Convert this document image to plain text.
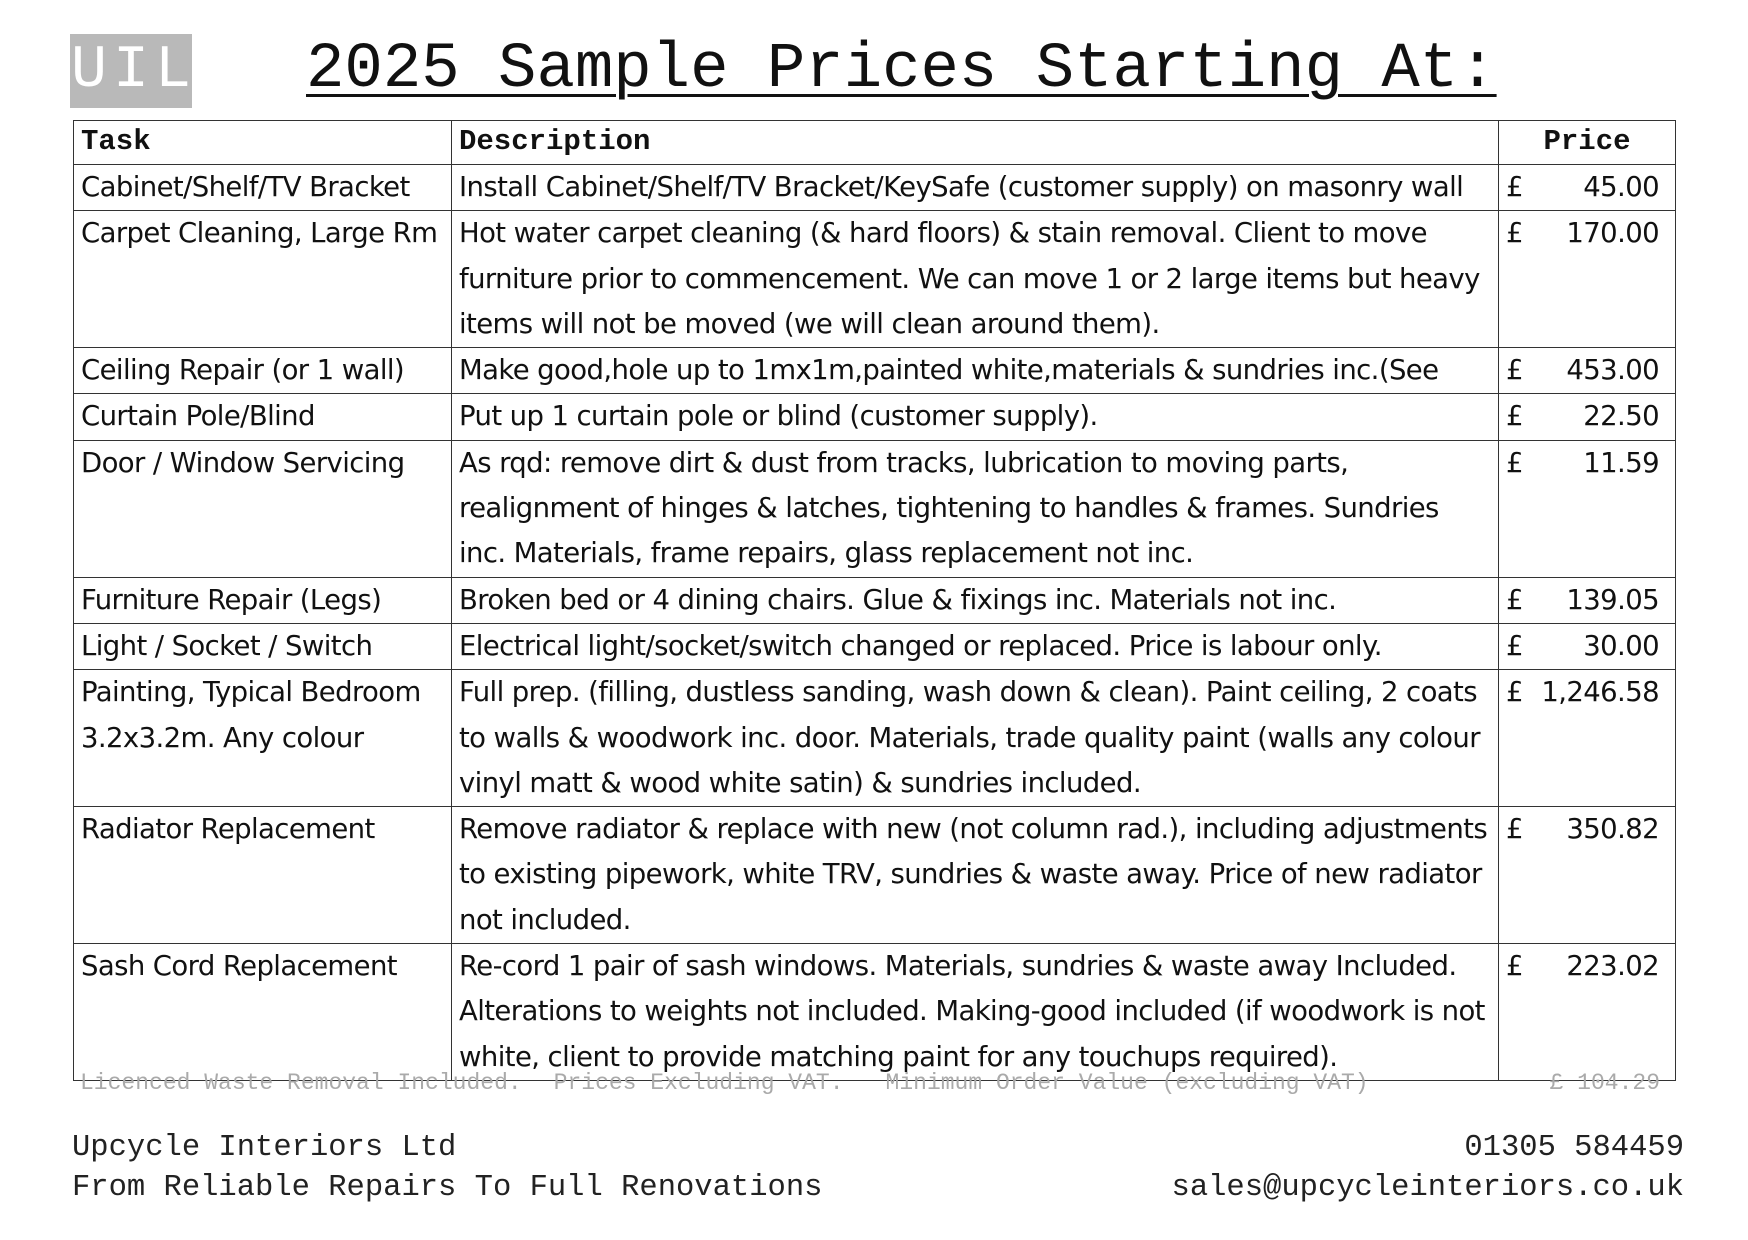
U I L 2025 Sample Prices Starting At:
Task	Description	Price
Cabinet/Shelf/TV Bracket	Install Cabinet/Shelf/TV Bracket/KeySafe (customer supply) on masonry wall	£ 45.00

Carpet Cleaning, Large Rm	Hot water carpet cleaning (& hard floors) & stain removal. Client to move furniture prior to commencement. We can move 1 or 2 large items but heavy items will not be moved (we will clean around them).	£ 170.00

Ceiling Repair (or 1 wall)	Make good,hole up to 1mx1m,painted white,materials & sundries inc.(See	£ 453.00

Curtain Pole/Blind	Put up 1 curtain pole or blind (customer supply).	£ 22.50

Door / Window Servicing	As rqd: remove dirt & dust from tracks, lubrication to moving parts, realignment of hinges & latches, tightening to handles & frames. Sundries inc. Materials, frame repairs, glass replacement not inc.	£ 11.59

Furniture Repair (Legs)	Broken bed or 4 dining chairs. Glue & fixings inc. Materials not inc.	£ 139.05

Light / Socket / Switch	Electrical light/socket/switch changed or replaced. Price is labour only.	£ 30.00

Painting, Typical Bedroom 3.2x3.2m. Any colour	Full prep. (filling, dustless sanding, wash down & clean). Paint ceiling, 2 coats to walls & woodwork inc. door. Materials, trade quality paint (walls any colour vinyl matt & wood white satin) & sundries included.	£ 1,246.58

Radiator Replacement	Remove radiator & replace with new (not column rad.), including adjustments to existing pipework, white TRV, sundries & waste away. Price of new radiator not included.	£ 350.82

Sash Cord Replacement	Re-cord 1 pair of sash windows. Materials, sundries & waste away Included. Alterations to weights not included. Making-good included (if woodwork is not white, client to provide matching paint for any touchups required).	£ 223.02
Licenced Waste Removal Included. Prices Excluding VAT. Minimum Order Value (excluding VAT)	£ 104.29
Upcycle Interiors Ltd
From Reliable Repairs To Full Renovations
01305 584459
sales@upcycleinteriors.co.uk
